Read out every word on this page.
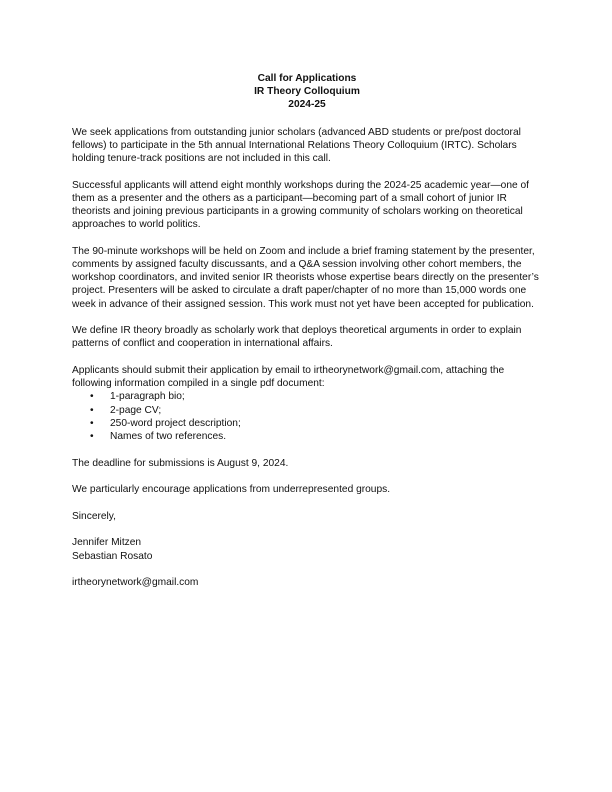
Call for Applications
IR Theory Colloquium
2024-25

We seek applications from outstanding junior scholars (advanced ABD students or pre/post doctoral fellows) to participate in the 5th annual International Relations Theory Colloquium (IRTC). Scholars holding tenure-track positions are not included in this call.

Successful applicants will attend eight monthly workshops during the 2024-25 academic year—one of them as a presenter and the others as a participant—becoming part of a small cohort of junior IR theorists and joining previous participants in a growing community of scholars working on theoretical approaches to world politics.

The 90-minute workshops will be held on Zoom and include a brief framing statement by the presenter, comments by assigned faculty discussants, and a Q&A session involving other cohort members, the workshop coordinators, and invited senior IR theorists whose expertise bears directly on the presenter’s project. Presenters will be asked to circulate a draft paper/chapter of no more than 15,000 words one week in advance of their assigned session. This work must not yet have been accepted for publication.

We define IR theory broadly as scholarly work that deploys theoretical arguments in order to explain patterns of conflict and cooperation in international affairs.

Applicants should submit their application by email to irtheorynetwork@gmail.com, attaching the following information compiled in a single pdf document:

• 1-paragraph bio;
• 2-page CV;
• 250-word project description;
• Names of two references.

The deadline for submissions is August 9, 2024.

We particularly encourage applications from underrepresented groups.

Sincerely,

Jennifer Mitzen
Sebastian Rosato

irtheorynetwork@gmail.com
